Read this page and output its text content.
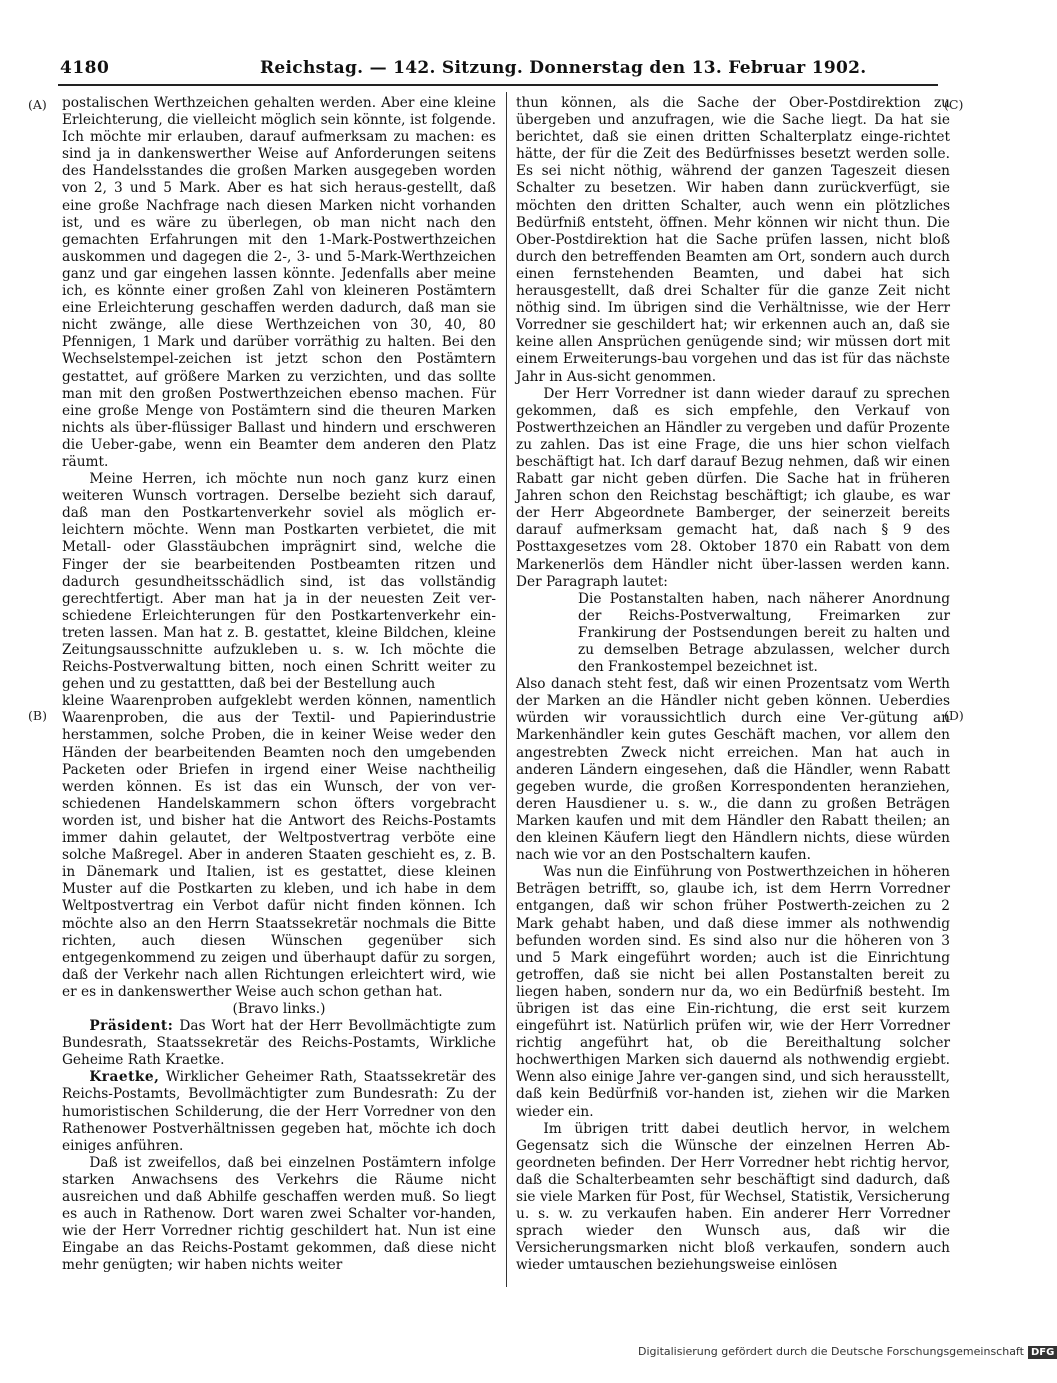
4180	Reichstag. — 142. Sitzung. Donnerstag den 13. Februar 1902.
(A)
(B)
(C)
(D)

postalischen Werthzeichen gehalten werden. Aber eine kleine Erleichterung, die vielleicht möglich sein könnte, ist folgende. Ich möchte mir erlauben, darauf aufmerksam zu machen: es sind ja in dankenswerther Weise auf Anforderungen seitens des Handelsstandes die großen Marken ausgegeben worden von 2, 3 und 5 Mark. Aber es hat sich heraus-gestellt, daß eine große Nachfrage nach diesen Marken nicht vorhanden ist, und es wäre zu überlegen, ob man nicht nach den gemachten Erfahrungen mit den 1-Mark-Postwerthzeichen auskommen und dagegen die 2-, 3- und 5-Mark-Werthzeichen ganz und gar eingehen lassen könnte. Jedenfalls aber meine ich, es könnte einer großen Zahl von kleineren Postämtern eine Erleichterung geschaffen werden dadurch, daß man sie nicht zwänge, alle diese Werthzeichen von 30, 40, 80 Pfennigen, 1 Mark und darüber vorräthig zu halten. Bei den Wechselstempel-zeichen ist jetzt schon den Postämtern gestattet, auf größere Marken zu verzichten, und das sollte man mit den großen Postwerthzeichen ebenso machen. Für eine große Menge von Postämtern sind die theuren Marken nichts als über-flüssiger Ballast und hindern und erschweren die Ueber-gabe, wenn ein Beamter dem anderen den Platz räumt.

Meine Herren, ich möchte nun noch ganz kurz einen weiteren Wunsch vortragen. Derselbe bezieht sich darauf, daß man den Postkartenverkehr soviel als möglich er-leichtern möchte. Wenn man Postkarten verbietet, die mit Metall- oder Glasstäubchen imprägnirt sind, welche die Finger der sie bearbeitenden Postbeamten ritzen und dadurch gesundheitsschädlich sind, ist das vollständig gerechtfertigt. Aber man hat ja in der neuesten Zeit ver-schiedene Erleichterungen für den Postkartenverkehr ein-treten lassen. Man hat z. B. gestattet, kleine Bildchen, kleine Zeitungsausschnitte aufzukleben u. s. w. Ich möchte die Reichs-Postverwaltung bitten, noch einen Schritt weiter zu gehen und zu gestattten, daß bei der Bestellung auch

kleine Waarenproben aufgeklebt werden können, namentlich Waarenproben, die aus der Textil- und Papierindustrie herstammen, solche Proben, die in keiner Weise weder den Händen der bearbeitenden Beamten noch den umgebenden Packeten oder Briefen in irgend einer Weise nachtheilig werden können. Es ist das ein Wunsch, der von ver-schiedenen Handelskammern schon öfters vorgebracht worden ist, und bisher hat die Antwort des Reichs-Postamts immer dahin gelautet, der Weltpostvertrag verböte eine solche Maßregel. Aber in anderen Staaten geschieht es, z. B. in Dänemark und Italien, ist es gestattet, diese kleinen Muster auf die Postkarten zu kleben, und ich habe in dem Weltpostvertrag ein Verbot dafür nicht finden können. Ich möchte also an den Herrn Staatssekretär nochmals die Bitte richten, auch diesen Wünschen gegenüber sich entgegenkommend zu zeigen und überhaupt dafür zu sorgen, daß der Verkehr nach allen Richtungen erleichtert wird, wie er es in dankenswerther Weise auch schon gethan hat.

(Bravo links.)

Präsident: Das Wort hat der Herr Bevollmächtigte zum Bundesrath, Staatssekretär des Reichs-Postamts, Wirkliche Geheime Rath Kraetke.

Kraetke, Wirklicher Geheimer Rath, Staatssekretär des Reichs-Postamts, Bevollmächtigter zum Bundesrath: Zu der humoristischen Schilderung, die der Herr Vorredner von den Rathenower Postverhältnissen gegeben hat, möchte ich doch einiges anführen.

Daß ist zweifellos, daß bei einzelnen Postämtern infolge starken Anwachsens des Verkehrs die Räume nicht ausreichen und daß Abhilfe geschaffen werden muß. So liegt es auch in Rathenow. Dort waren zwei Schalter vor-handen, wie der Herr Vorredner richtig geschildert hat. Nun ist eine Eingabe an das Reichs-Postamt gekommen, daß diese nicht mehr genügten; wir haben nichts weiter

thun können, als die Sache der Ober-Postdirektion zu übergeben und anzufragen, wie die Sache liegt. Da hat sie berichtet, daß sie einen dritten Schalterplatz einge-richtet hätte, der für die Zeit des Bedürfnisses besetzt werden solle. Es sei nicht nöthig, während der ganzen Tageszeit diesen Schalter zu besetzen. Wir haben dann zurückverfügt, sie möchten den dritten Schalter, auch wenn ein plötzliches Bedürfniß entsteht, öffnen. Mehr können wir nicht thun. Die Ober-Postdirektion hat die Sache prüfen lassen, nicht bloß durch den betreffenden Beamten am Ort, sondern auch durch einen fernstehenden Beamten, und dabei hat sich herausgestellt, daß drei Schalter für die ganze Zeit nicht nöthig sind. Im übrigen sind die Verhältnisse, wie der Herr Vorredner sie geschildert hat; wir erkennen auch an, daß sie keine allen Ansprüchen genügende sind; wir müssen dort mit einem Erweiterungs-bau vorgehen und das ist für das nächste Jahr in Aus-sicht genommen.

Der Herr Vorredner ist dann wieder darauf zu sprechen gekommen, daß es sich empfehle, den Verkauf von Postwerthzeichen an Händler zu vergeben und dafür Prozente zu zahlen. Das ist eine Frage, die uns hier schon vielfach beschäftigt hat. Ich darf darauf Bezug nehmen, daß wir einen Rabatt gar nicht geben dürfen. Die Sache hat in früheren Jahren schon den Reichstag beschäftigt; ich glaube, es war der Herr Abgeordnete Bamberger, der seinerzeit bereits darauf aufmerksam gemacht hat, daß nach § 9 des Posttaxgesetzes vom 28. Oktober 1870 ein Rabatt von dem Markenerlös dem Händler nicht über-lassen werden kann. Der Paragraph lautet:

Die Postanstalten haben, nach näherer Anordnung der Reichs-Postverwaltung, Freimarken zur Frankirung der Postsendungen bereit zu halten und zu demselben Betrage abzulassen, welcher durch den Frankostempel bezeichnet ist.

Also danach steht fest, daß wir einen Prozentsatz vom Werth der Marken an die Händler nicht geben können. Ueberdies würden wir voraussichtlich durch eine Ver-gütung an Markenhändler kein gutes Geschäft machen, vor allem den angestrebten Zweck nicht erreichen. Man hat auch in anderen Ländern eingesehen, daß die Händler, wenn Rabatt gegeben wurde, die großen Korrespondenten heranziehen, deren Hausdiener u. s. w., die dann zu großen Beträgen Marken kaufen und mit dem Händler den Rabatt theilen; an den kleinen Käufern liegt den Händlern nichts, diese würden nach wie vor an den Postschaltern kaufen.

Was nun die Einführung von Postwerthzeichen in höheren Beträgen betrifft, so, glaube ich, ist dem Herrn Vorredner entgangen, daß wir schon früher Postwerth-zeichen zu 2 Mark gehabt haben, und daß diese immer als nothwendig befunden worden sind. Es sind also nur die höheren von 3 und 5 Mark eingeführt worden; auch ist die Einrichtung getroffen, daß sie nicht bei allen Postanstalten bereit zu liegen haben, sondern nur da, wo ein Bedürfniß besteht. Im übrigen ist das eine Ein-richtung, die erst seit kurzem eingeführt ist. Natürlich prüfen wir, wie der Herr Vorredner richtig angeführt hat, ob die Bereithaltung solcher hochwerthigen Marken sich dauernd als nothwendig ergiebt. Wenn also einige Jahre ver-gangen sind, und sich herausstellt, daß kein Bedürfniß vor-handen ist, ziehen wir die Marken wieder ein.

Im übrigen tritt dabei deutlich hervor, in welchem Gegensatz sich die Wünsche der einzelnen Herren Ab-geordneten befinden. Der Herr Vorredner hebt richtig hervor, daß die Schalterbeamten sehr beschäftigt sind dadurch, daß sie viele Marken für Post, für Wechsel, Statistik, Versicherung u. s. w. zu verkaufen haben. Ein anderer Herr Vorredner sprach wieder den Wunsch aus, daß wir die Versicherungsmarken nicht bloß verkaufen, sondern auch wieder umtauschen beziehungsweise einlösen

Digitalisierung gefördert durch die Deutsche Forschungsgemeinschaft DFG
